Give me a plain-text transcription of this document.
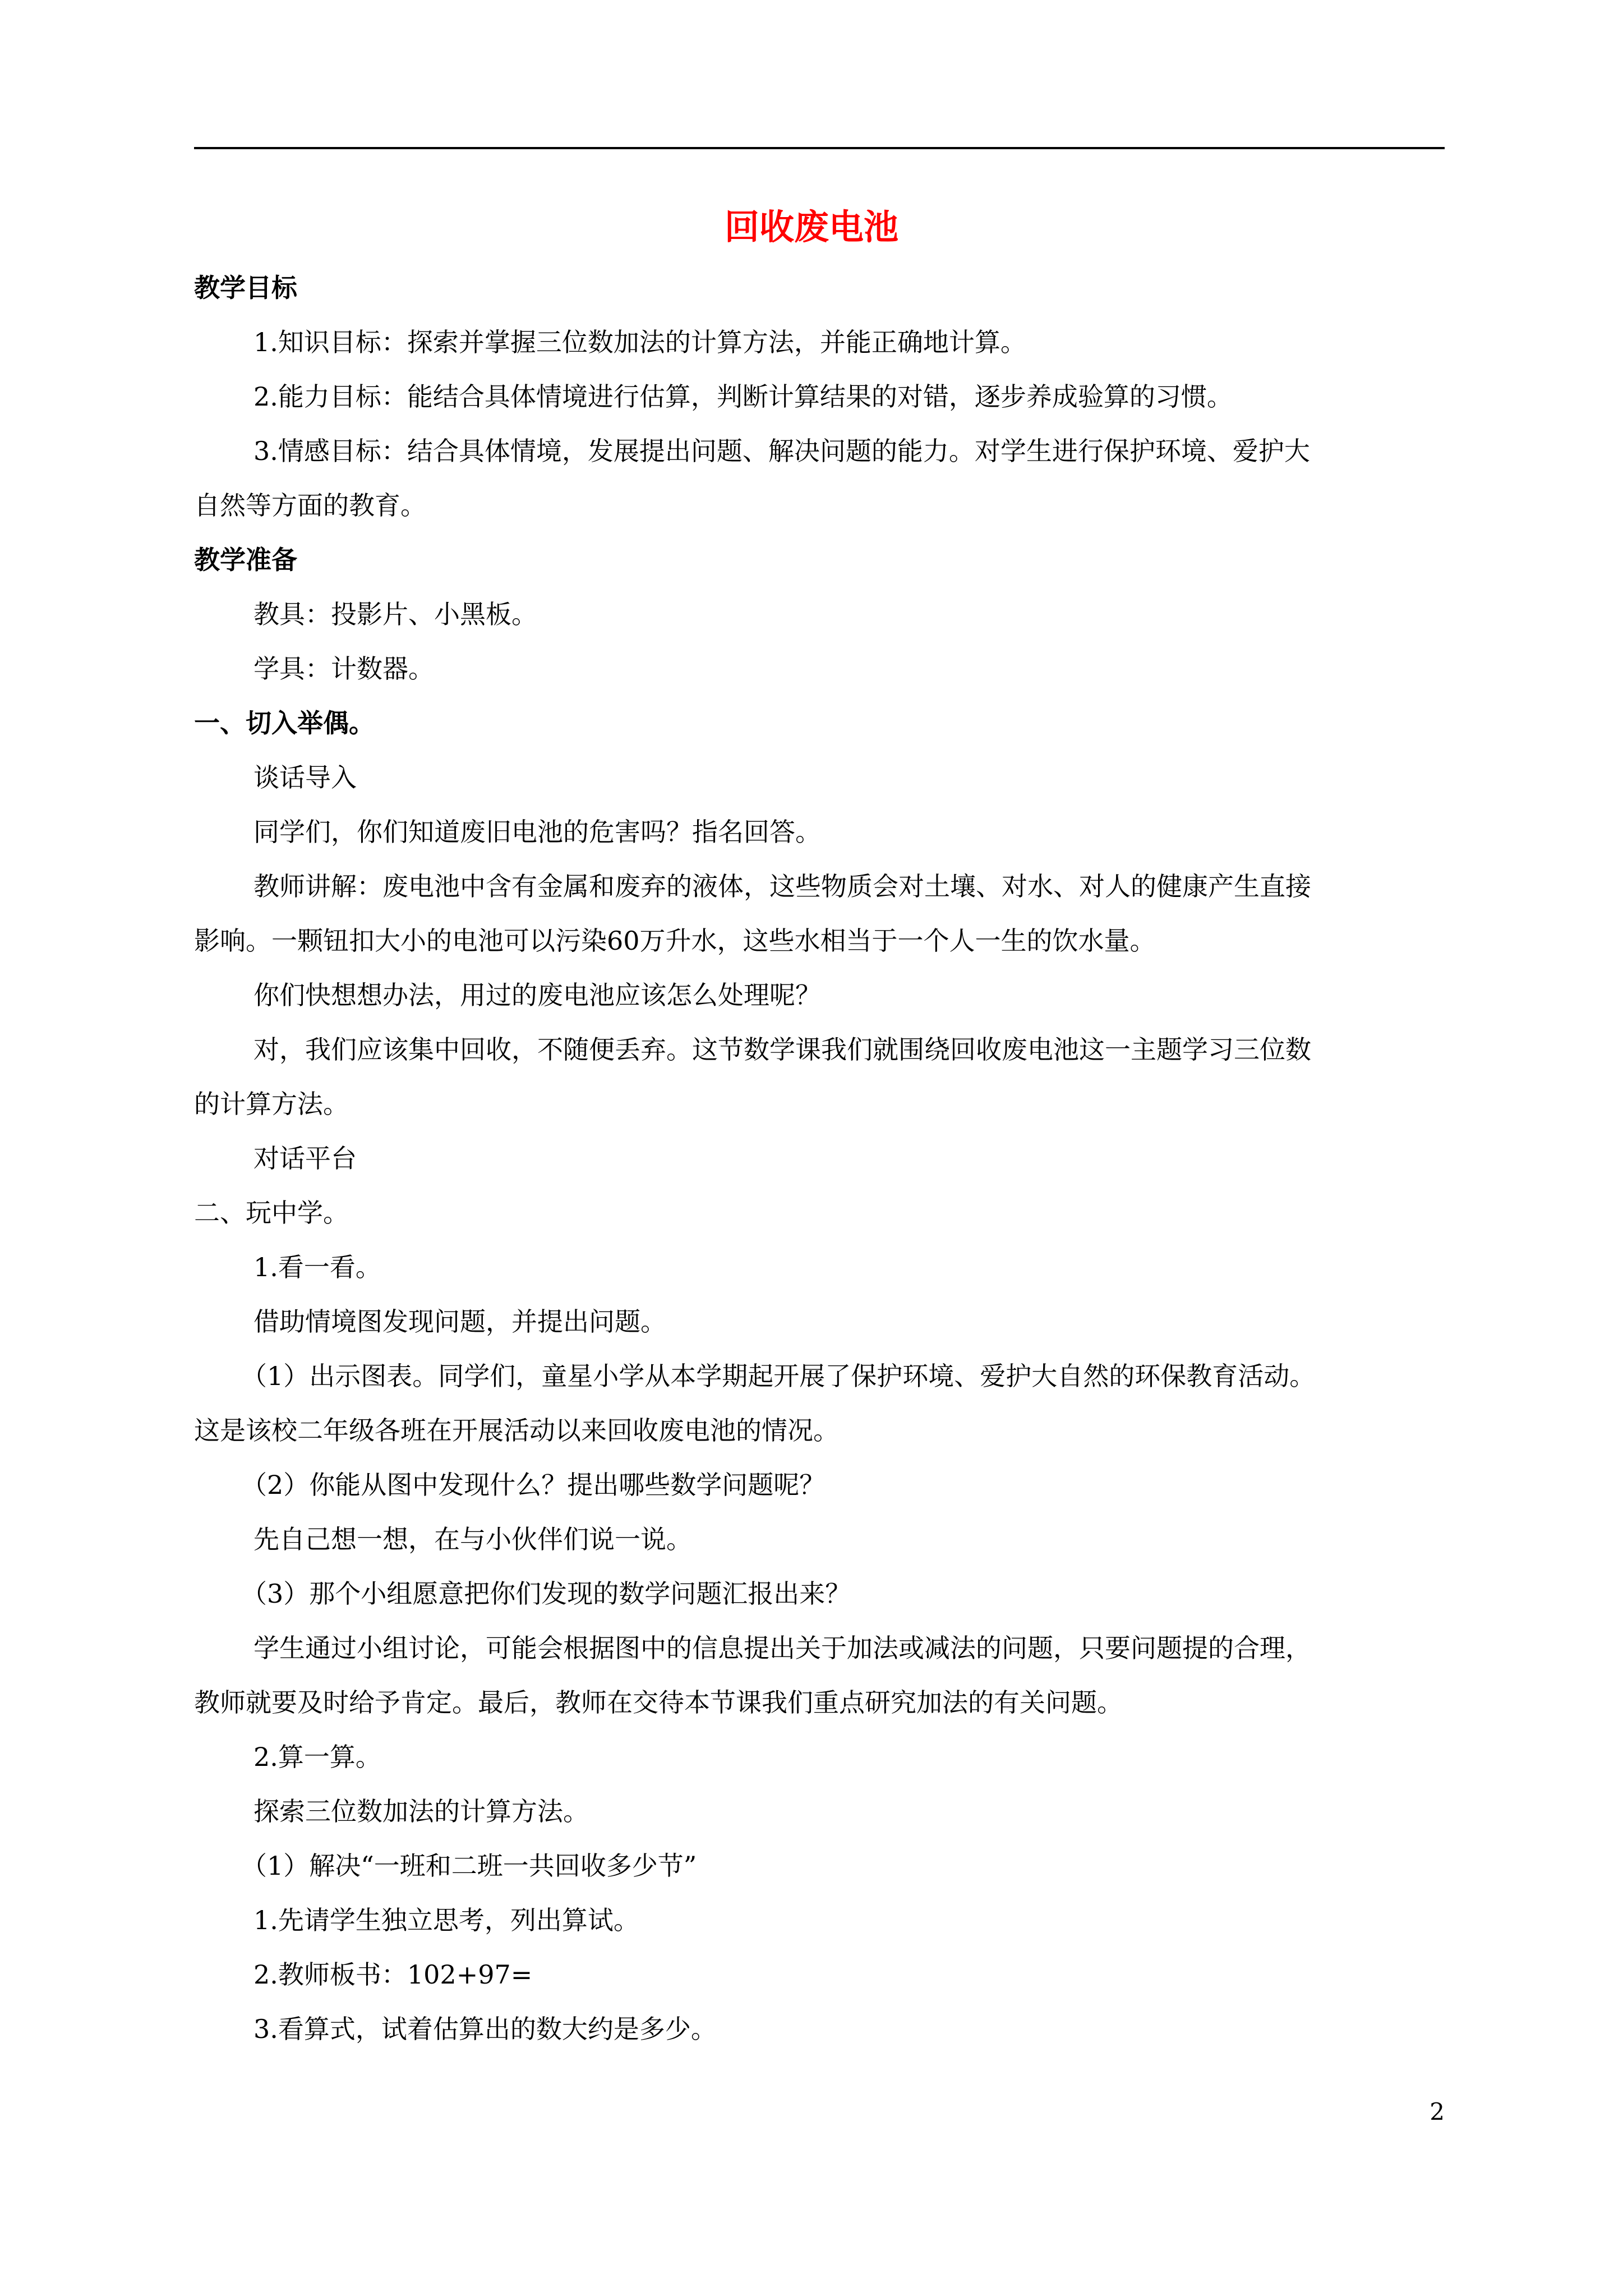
回收废电池
教学目标
1.知识目标：探索并掌握三位数加法的计算方法，并能正确地计算。
2.能力目标：能结合具体情境进行估算，判断计算结果的对错，逐步养成验算的习惯。
3.情感目标：结合具体情境，发展提出问题、解决问题的能力。对学生进行保护环境、爱护大
自然等方面的教育。
教学准备
教具：投影片、小黑板。
学具：计数器。
一、切入举偶。
谈话导入
同学们，你们知道废旧电池的危害吗？指名回答。
教师讲解：废电池中含有金属和废弃的液体，这些物质会对土壤、对水、对人的健康产生直接
影响。一颗钮扣大小的电池可以污染60万升水，这些水相当于一个人一生的饮水量。
你们快想想办法，用过的废电池应该怎么处理呢？
对，我们应该集中回收，不随便丢弃。这节数学课我们就围绕回收废电池这一主题学习三位数
的计算方法。
对话平台
二、玩中学。
1.看一看。
借助情境图发现问题，并提出问题。
（1）出示图表。同学们，童星小学从本学期起开展了保护环境、爱护大自然的环保教育活动。
这是该校二年级各班在开展活动以来回收废电池的情况。
（2）你能从图中发现什么？提出哪些数学问题呢？
先自己想一想，在与小伙伴们说一说。
（3）那个小组愿意把你们发现的数学问题汇报出来？
学生通过小组讨论，可能会根据图中的信息提出关于加法或减法的问题，只要问题提的合理，
教师就要及时给予肯定。最后，教师在交待本节课我们重点研究加法的有关问题。
2.算一算。
探索三位数加法的计算方法。
（1）解决“一班和二班一共回收多少节”
1.先请学生独立思考，列出算试。
2.教师板书：102+97=
3.看算式，试着估算出的数大约是多少。
2
